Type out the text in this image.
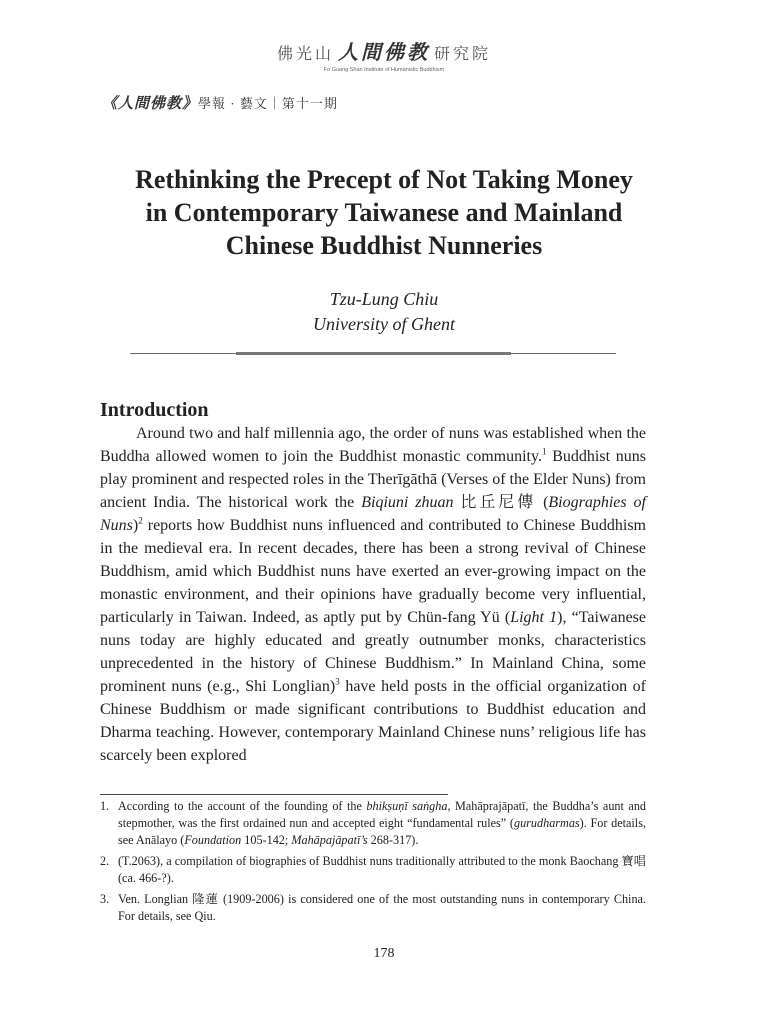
佛光山 人間佛教 研究院
Fo Guang Shan Institute of Humanistic Buddhism
《人間佛教》學報 · 藝文｜第十一期
Rethinking the Precept of Not Taking Money
in Contemporary Taiwanese and Mainland
Chinese Buddhist Nunneries
Tzu-Lung Chiu
University of Ghent
Introduction

Around two and half millennia ago, the order of nuns was established when the Buddha allowed women to join the Buddhist monastic community.$^1$ Buddhist nuns play prominent and respected roles in the Therīgāthā (Verses of the Elder Nuns) from ancient India. The historical work the Biqiuni zhuan 比丘尼傳 (Biographies of Nuns)$^2$ reports how Buddhist nuns influenced and contributed to Chinese Buddhism in the medieval era. In recent decades, there has been a strong revival of Chinese Buddhism, amid which Buddhist nuns have exerted an ever-growing impact on the monastic environment, and their opinions have gradually become very influential, particularly in Taiwan. Indeed, as aptly put by Chün-fang Yü (Light 1), “Taiwanese nuns today are highly educated and greatly outnumber monks, characteristics unprecedented in the history of Chinese Buddhism.” In Mainland China, some prominent nuns (e.g., Shi Longlian)$^3$ have held posts in the official organization of Chinese Buddhism or made significant contributions to Buddhist education and Dharma teaching. However, contemporary Mainland Chinese nuns’ religious life has scarcely been explored

1. According to the account of the founding of the bhikṣuṇī saṅgha, Mahāprajāpatī, the Buddha’s aunt and stepmother, was the first ordained nun and accepted eight “fundamental rules” (gurudharmas). For details, see Anālayo (Foundation 105-142; Mahāpajāpatī’s 268-317).
2. (T.2063), a compilation of biographies of Buddhist nuns traditionally attributed to the monk Baochang 寶唱 (ca. 466-?).
3. Ven. Longlian 隆蓮 (1909-2006) is considered one of the most outstanding nuns in contemporary China. For details, see Qiu.
178
